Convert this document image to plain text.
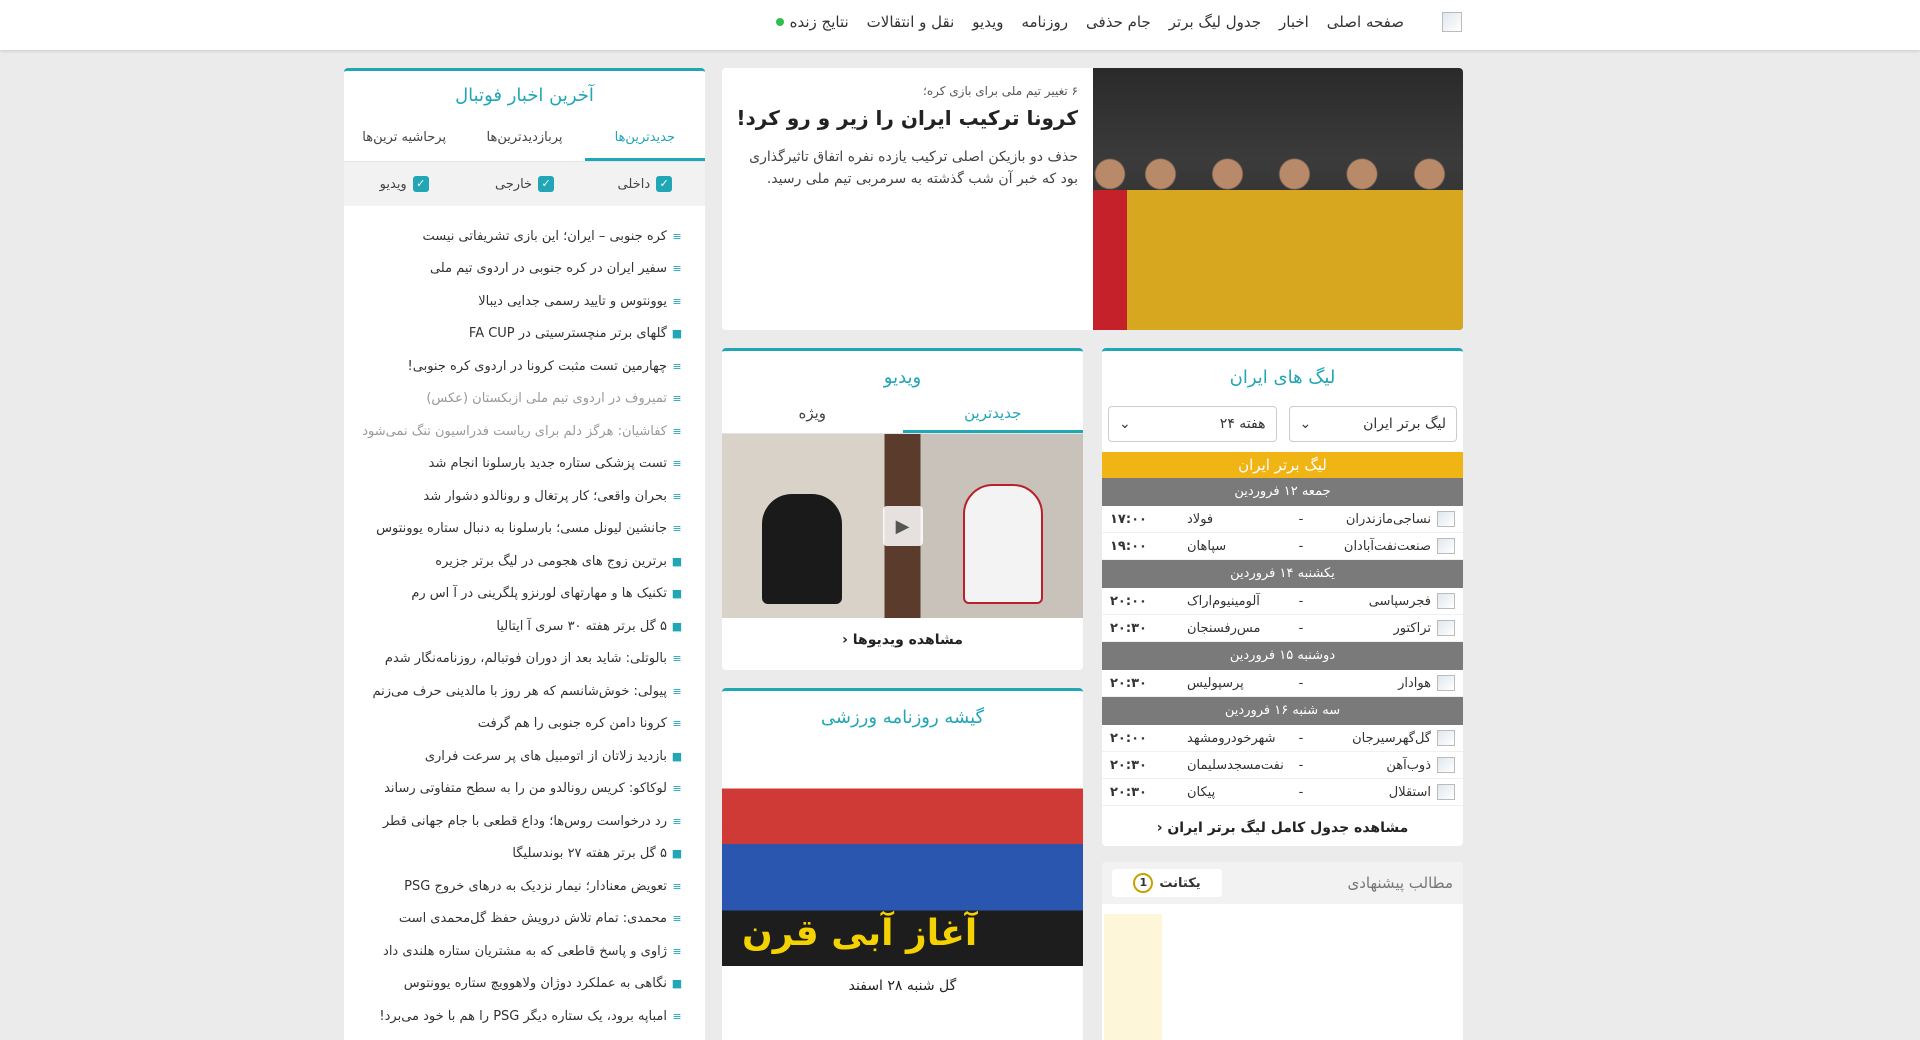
صفحه اصلی
اخبار
جدول لیگ برتر
جام حذفی
روزنامه
ویدیو
نقل و انتقالات
نتایج زنده
۶ تغییر تیم ملی برای بازی کره؛
کرونا ترکیب ایران را زیر و رو کرد!
حذف دو بازیکن اصلی ترکیب یازده نفره اتفاق تاثیرگذاری بود که خبر آن شب گذشته به سرمربی تیم ملی رسید.
آخرین اخبار فوتبال
جدیدترین‌ها
پربازدیدترین‌ها
پرحاشیه ترین‌ها
✓
داخلی
✓
خارجی
✓
ویدیو
≡
کره جنوبی – ایران؛ این بازی تشریفاتی نیست
≡
سفیر ایران در کره جنوبی در اردوی تیم ملی
≡
یوونتوس و تایید رسمی جدایی دیبالا
■
گلهای برتر منچسترسیتی در FA CUP
≡
چهارمین تست مثبت کرونا در اردوی کره جنوبی!
≡
تمیروف در اردوی تیم ملی ازبکستان (عکس)
≡
کفاشیان: هرگز دلم برای ریاست فدراسیون تنگ نمی‌شود
≡
تست پزشکی ستاره جدید بارسلونا انجام شد
≡
بحران واقعی؛ کار پرتغال و رونالدو دشوار شد
≡
جانشین لیونل مسی؛ بارسلونا به دنبال ستاره یوونتوس
■
برترین زوج های هجومی در لیگ برتر جزیره
■
تکنیک ها و مهارتهای لورنزو پلگرینی در آ اس رم
■
۵ گل برتر هفته ۳۰ سری آ ایتالیا
≡
بالوتلی: شاید بعد از دوران فوتبالم، روزنامه‌نگار شدم
≡
پیولی: خوش‌شانسم که هر روز با مالدینی حرف می‌زنم
≡
کرونا دامن کره جنوبی را هم گرفت
■
بازدید زلاتان از اتومبیل های پر سرعت فراری
≡
لوکاکو: کریس رونالدو من را به سطح متفاوتی رساند
≡
رد درخواست روس‌ها؛ وداع قطعی با جام جهانی قطر
■
۵ گل برتر هفته ۲۷ بوندسلیگا
≡
تعویض معنادار؛ نیمار نزدیک به درهای خروج PSG
≡
محمدی: تمام تلاش درویش حفظ گل‌محمدی است
≡
ژاوی و پاسخ قاطعی که به مشتریان ستاره هلندی داد
■
نگاهی به عملکرد دوژان ولاهوویچ ستاره یوونتوس
≡
امباپه برود، یک ستاره دیگر PSG را هم با خود می‌برد!
ویدیو
جدیدترین
ویژه
▶
مشاهده ویدیوها ‹
لیگ های ایران
لیگ برتر ایران
⌄
هفته ۲۴
⌄
لیگ برتر ایران
جمعه ۱۲ فروردین
نساجی‌مازندران
-
فولاد
۱۷:۰۰
صنعت‌نفت‌آبادان
-
سپاهان
۱۹:۰۰
یکشنبه ۱۴ فروردین
فجرسپاسی
-
آلومینیوم‌اراک
۲۰:۰۰
تراکتور
-
مس‌رفسنجان
۲۰:۳۰
دوشنبه ۱۵ فروردین
هوادار
-
پرسپولیس
۲۰:۳۰
سه شنبه ۱۶ فروردین
گل‌گهرسیرجان
-
شهرخودرومشهد
۲۰:۰۰
ذوب‌آهن
-
نفت‌مسجدسلیمان
۲۰:۳۰
استقلال
-
پیکان
۲۰:۳۰
مشاهده جدول کامل لیگ برتر ایران ‹
گیشه روزنامه ورزشی
آغاز آبی قرن
گل شنبه ۲۸ اسفند
مطالب پیشنهادی
یکتانت
1
